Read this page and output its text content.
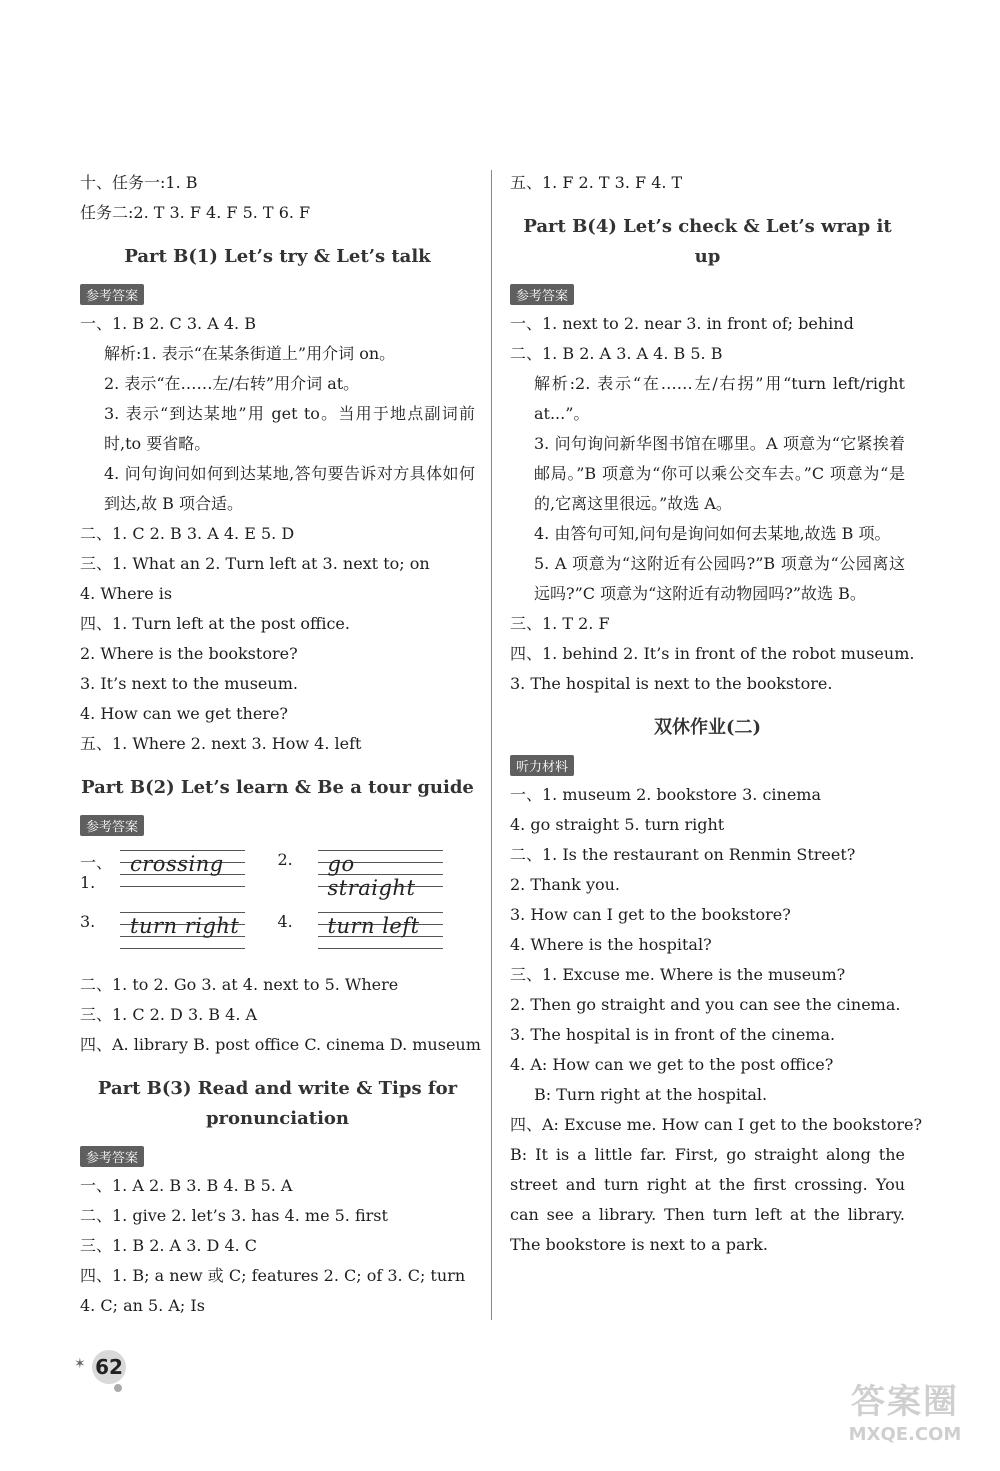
十、任务一:1. B
任务二:2. T 3. F 4. F 5. T 6. F
Part B(1) Let’s try & Let’s talk
参考答案
一、1. B 2. C 3. A 4. B
解析:1. 表示“在某条街道上”用介词 on。
2. 表示“在……左/右转”用介词 at。
3. 表示“到达某地”用 get to。当用于地点副词前时,to 要省略。
4. 问句询问如何到达某地,答句要告诉对方具体如何到达,故 B 项合适。
二、1. C 2. B 3. A 4. E 5. D
三、1. What an 2. Turn left at 3. next to; on
4. Where is
四、1. Turn left at the post office.
2. Where is the bookstore?
3. It’s next to the museum.
4. How can we get there?
五、1. Where 2. next 3. How 4. left
Part B(2) Let’s learn & Be a tour guide
参考答案
一、1.
crossing	2.	go straight
3.	turn right 4.	turn left
二、1. to 2. Go 3. at 4. next to 5. Where
三、1. C 2. D 3. B 4. A
四、A. library B. post office C. cinema D. museum
Part B(3) Read and write & Tips for pronunciation
参考答案
一、1. A 2. B 3. B 4. B 5. A
二、1. give 2. let’s 3. has 4. me 5. first
三、1. B 2. A 3. D 4. C
四、1. B; a new 或 C; features 2. C; of 3. C; turn
4. C; an 5. A; Is
✶ 62
五、1. F 2. T 3. F 4. T
Part B(4) Let’s check & Let’s wrap it up
参考答案
一、1. next to 2. near 3. in front of; behind
二、1. B 2. A 3. A 4. B 5. B
解析:2. 表示“在……左/右拐”用“turn left/right at...”。
3. 问句询问新华图书馆在哪里。A 项意为“它紧挨着邮局。”B 项意为“你可以乘公交车去。”C 项意为“是的,它离这里很远。”故选 A。
4. 由答句可知,问句是询问如何去某地,故选 B 项。
5. A 项意为“这附近有公园吗?”B 项意为“公园离这远吗?”C 项意为“这附近有动物园吗?”故选 B。
三、1. T 2. F
四、1. behind 2. It’s in front of the robot museum.
3. The hospital is next to the bookstore.
双休作业(二)
听力材料
一、1. museum 2. bookstore 3. cinema
4. go straight 5. turn right
二、1. Is the restaurant on Renmin Street?
2. Thank you.
3. How can I get to the bookstore?
4. Where is the hospital?
三、1. Excuse me. Where is the museum?
2. Then go straight and you can see the cinema.
3. The hospital is in front of the cinema.
4. A: How can we get to the post office?
B: Turn right at the hospital.
四、A: Excuse me. How can I get to the bookstore?
B: It is a little far. First, go straight along the street and turn right at the first crossing. You can see a library. Then turn left at the library. The bookstore is next to a park.
答案圈
MXQE.COM
